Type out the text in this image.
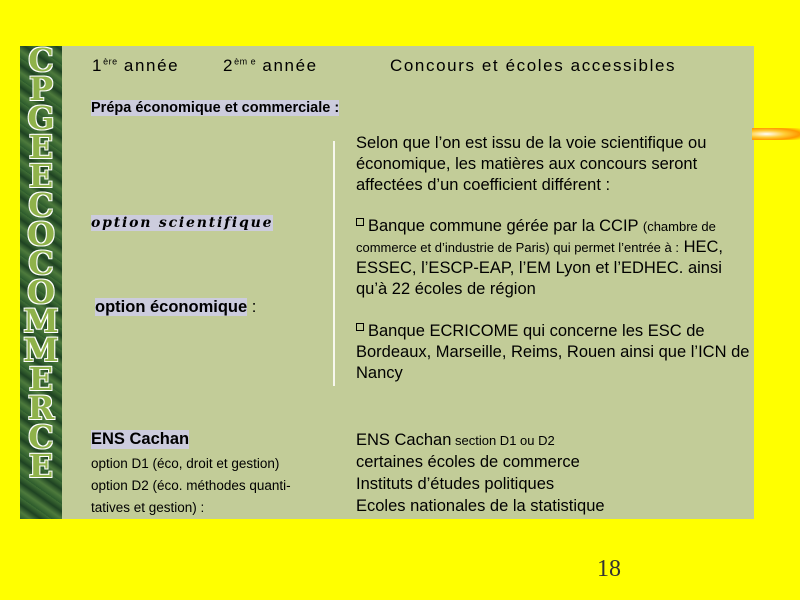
C
P
G
E
E
C
O
C
O
M
M
E
R
C
E
1ère année	$2^{èm e}$ année	Concours et écoles accessibles
Prépa économique et commerciale :
option scientifique
option économique :
Selon que l’on est issu de la voie scientifique ou économique, les matières aux concours seront affectées d’un coefficient différent :
Banque commune gérée par la CCIP (chambre de commerce et d’industrie de Paris) qui permet l’entrée à : HEC, ESSEC, l’ESCP-EAP, l’EM Lyon et l’EDHEC. ainsi qu’à 22 écoles de région
Banque ECRICOME qui concerne les ESC de Bordeaux, Marseille, Reims, Rouen ainsi que l’ICN de Nancy
ENS Cachan
option D1 (éco, droit et gestion)
option D2 (éco. méthodes quanti-
tatives et gestion) :
ENS Cachan section D1 ou D2
certaines écoles de commerce
Instituts d’études politiques
Ecoles nationales de la statistique
18
